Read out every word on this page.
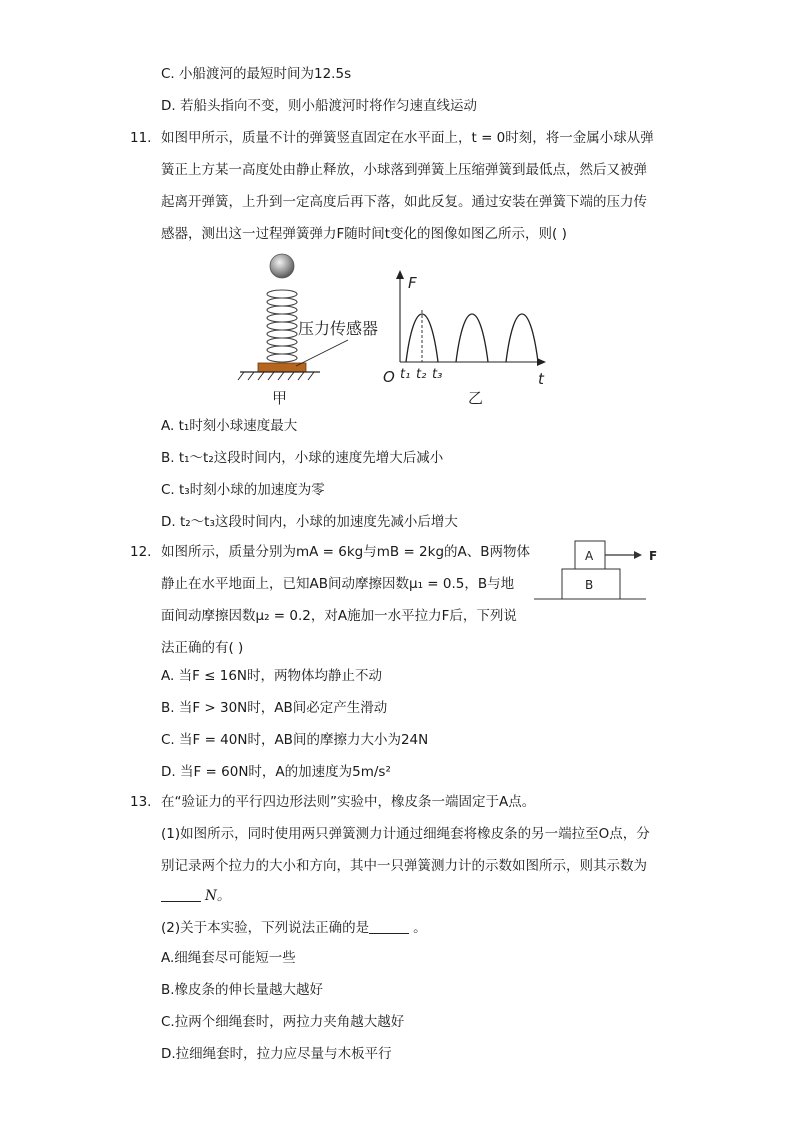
C. 小船渡河的最短时间为12.5s
D. 若船头指向不变，则小船渡河时将作匀速直线运动
11. 如图甲所示，质量不计的弹簧竖直固定在水平面上，t = 0时刻，将一金属小球从弹
簧正上方某一高度处由静止释放，小球落到弹簧上压缩弹簧到最低点，然后又被弹
起离开弹簧，上升到一定高度后再下落，如此反复。通过安装在弹簧下端的压力传
感器，测出这一过程弹簧弹力F随时间t变化的图像如图乙所示，则( )
压力传感器
甲
F
t
O t₁ t₂ t₃
乙
A. t₁时刻小球速度最大
B. t₁～t₂这段时间内，小球的速度先增大后减小
C. t₃时刻小球的加速度为零
D. t₂～t₃这段时间内，小球的加速度先减小后增大
12. 如图所示，质量分别为mA = 6kg与mB = 2kg的A、B两物体
静止在水平地面上，已知AB间动摩擦因数μ₁ = 0.5，B与地
面间动摩擦因数μ₂ = 0.2，对A施加一水平拉力F后，下列说
法正确的有( )
A
B
F
A. 当F ≤ 16N时，两物体均静止不动
B. 当F > 30N时，AB间必定产生滑动
C. 当F = 40N时，AB间的摩擦力大小为24N
D. 当F = 60N时，A的加速度为5m/s²
13. 在“验证力的平行四边形法则”实验中，橡皮条一端固定于A点。
(1)如图所示，同时使用两只弹簧测力计通过细绳套将橡皮条的另一端拉至O点，分
别记录两个拉力的大小和方向，其中一只弹簧测力计的示数如图所示，则其示数为
N。
(2)关于本实验，下列说法正确的是	。
A.细绳套尽可能短一些
B.橡皮条的伸长量越大越好
C.拉两个细绳套时，两拉力夹角越大越好
D.拉细绳套时，拉力应尽量与木板平行
